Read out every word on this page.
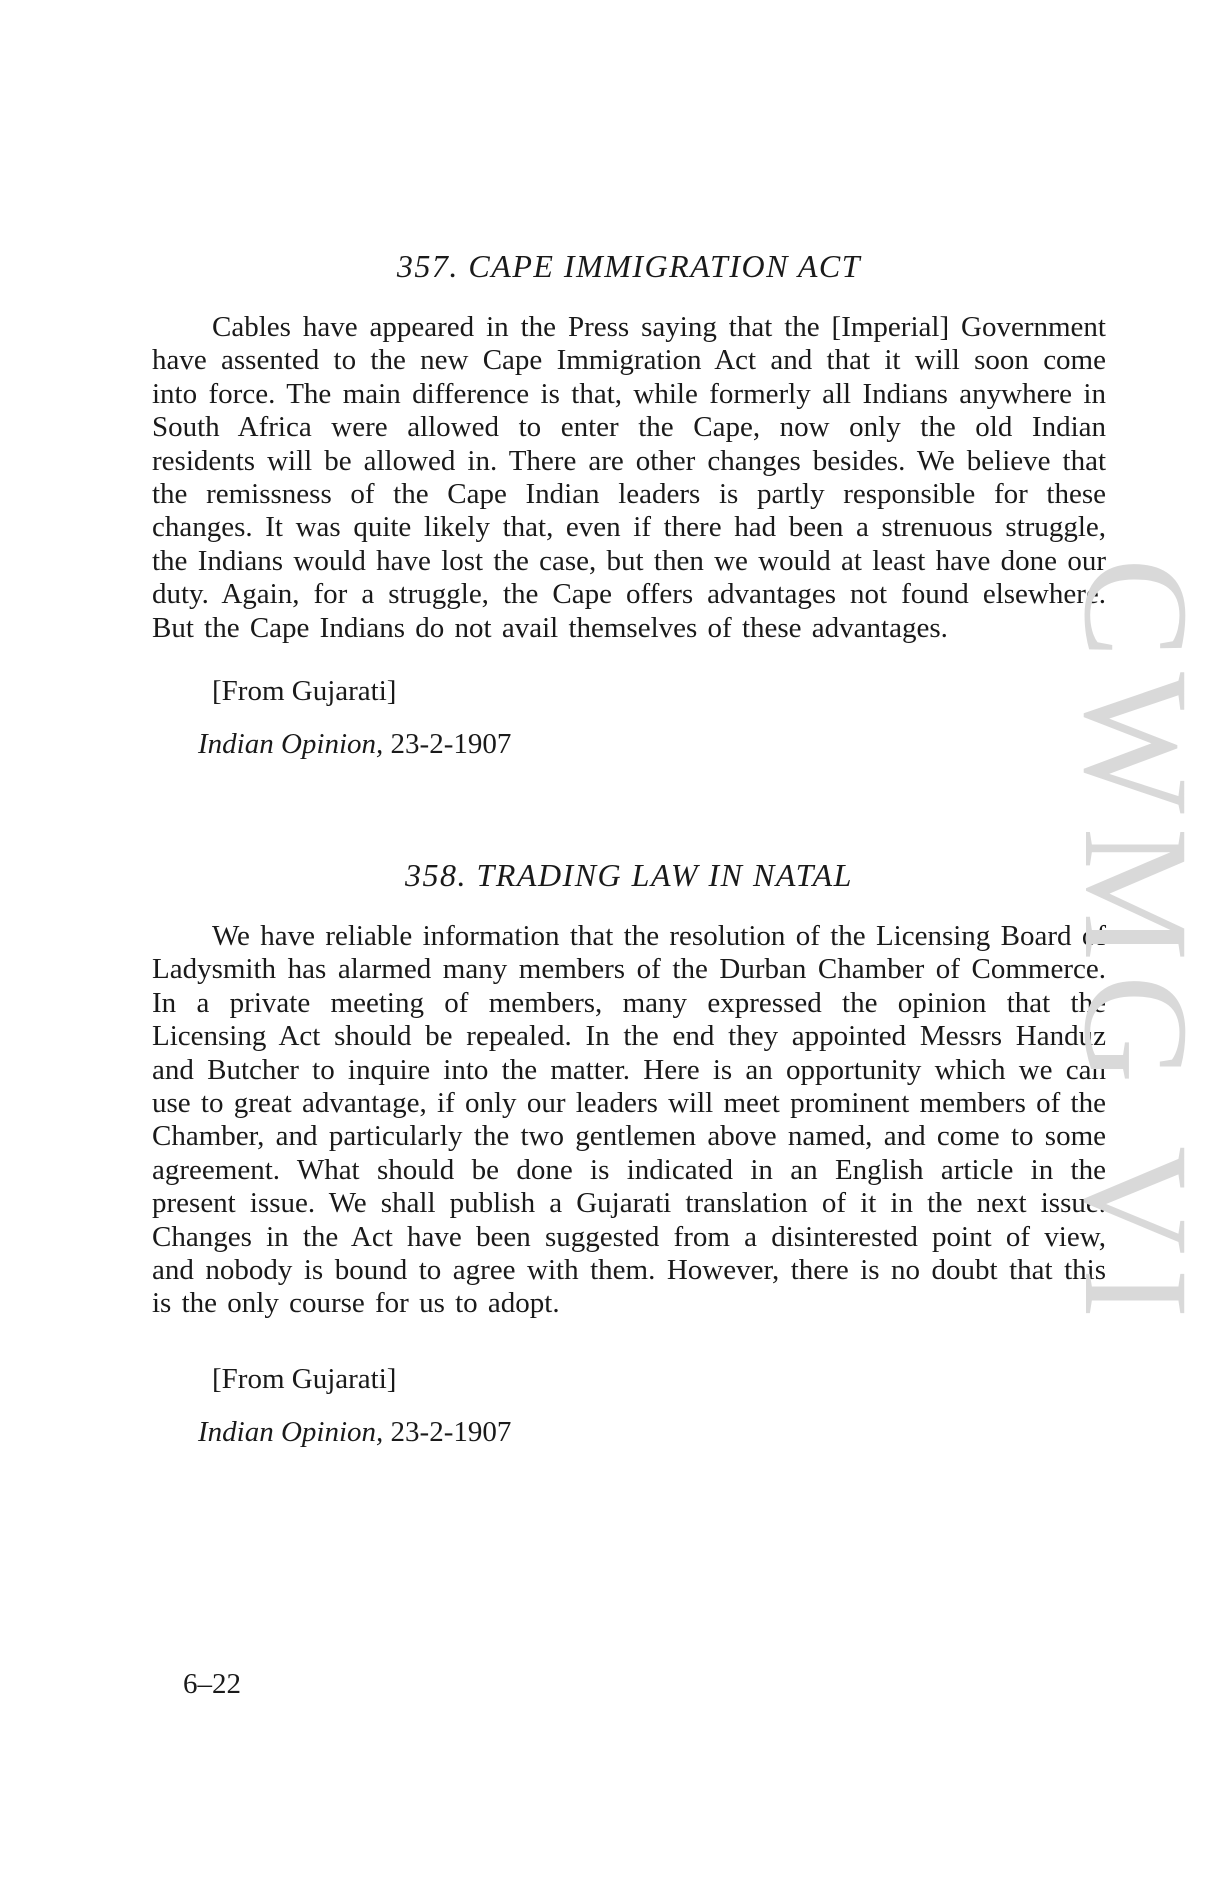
357. CAPE IMMIGRATION ACT

Cables have appeared in the Press saying that the [Imperial] Government have assented to the new Cape Immigration Act and that it will soon come into force. The main difference is that, while formerly all Indians anywhere in South Africa were allowed to enter the Cape, now only the old Indian residents will be allowed in. There are other changes besides. We believe that the remissness of the Cape Indian leaders is partly responsible for these changes. It was quite likely that, even if there had been a strenuous struggle, the Indians would have lost the case, but then we would at least have done our duty. Again, for a struggle, the Cape offers advantages not found elsewhere. But the Cape Indians do not avail themselves of these advantages.

[From Gujarati]
Indian Opinion, 23-2-1907
358. TRADING LAW IN NATAL

We have reliable information that the resolution of the Licensing Board of Ladysmith has alarmed many members of the Durban Chamber of Commerce. In a private meeting of members, many expressed the opinion that the Licensing Act should be repealed. In the end they appointed Messrs Handuz and Butcher to inquire into the matter. Here is an opportunity which we can use to great advantage, if only our leaders will meet prominent members of the Chamber, and particularly the two gentlemen above named, and come to some agreement. What should be done is indicated in an English article in the present issue. We shall publish a Gujarati translation of it in the next issue. Changes in the Act have been suggested from a disinterested point of view, and nobody is bound to agree with them. However, there is no doubt that this is the only course for us to adopt.

[From Gujarati]
Indian Opinion, 23-2-1907
6–22
CWMG VI
